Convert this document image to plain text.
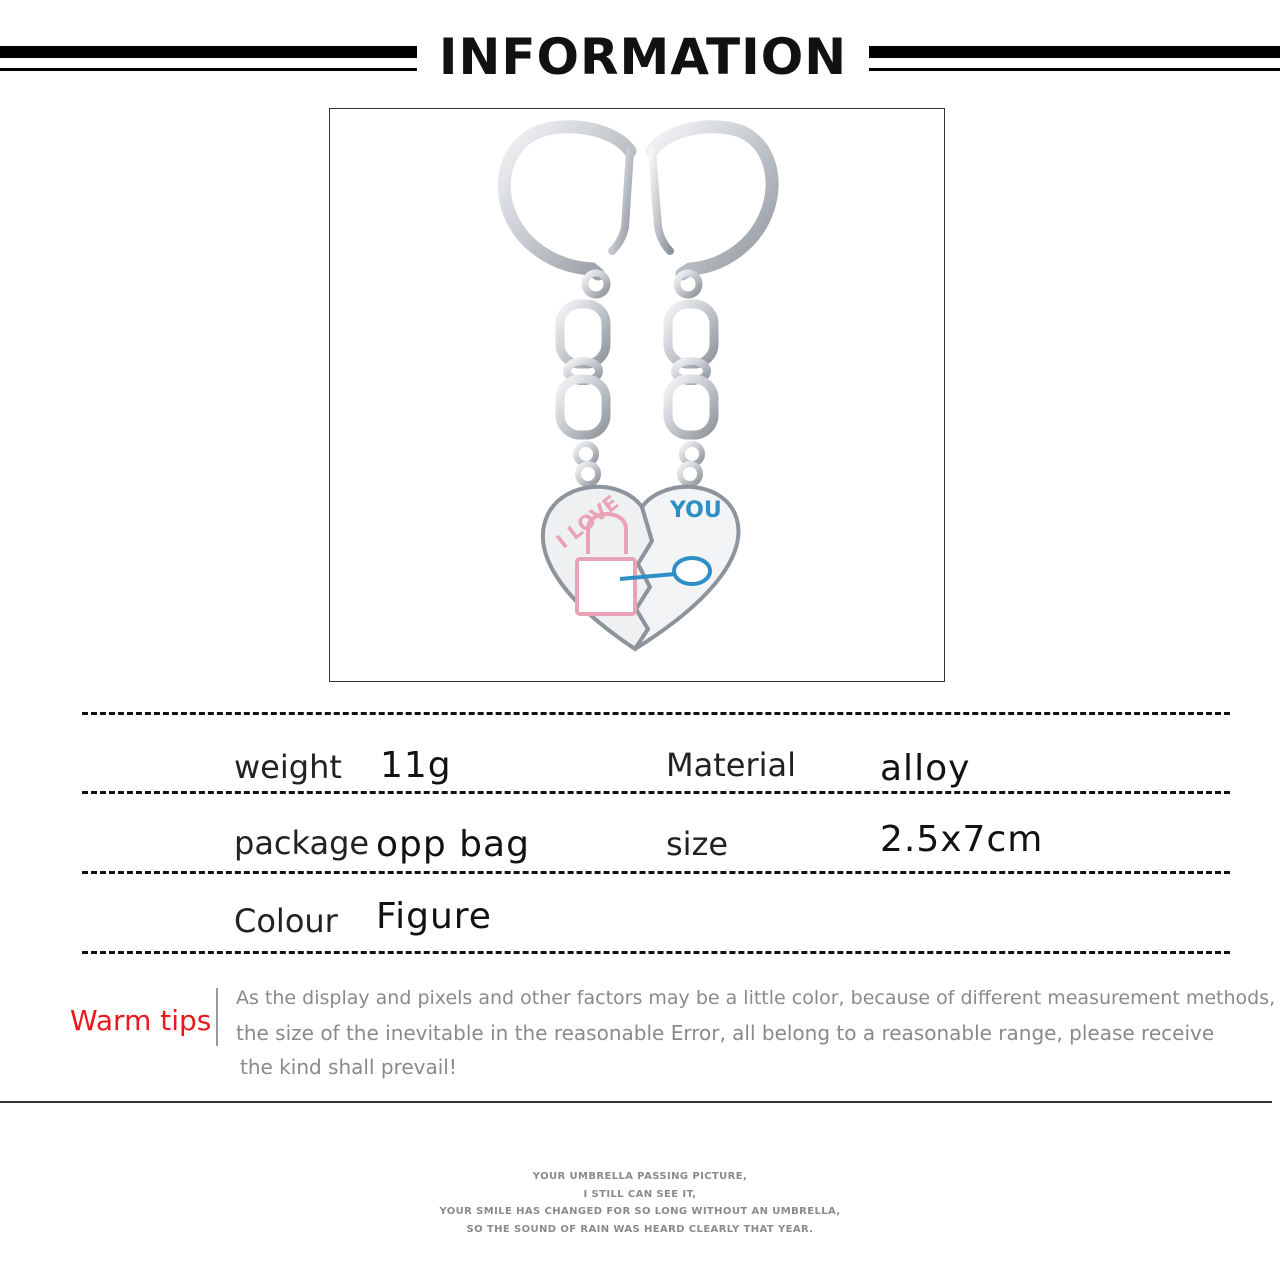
INFORMATION
I LOVE YOU
weight 11g	Material alloy
package opp bag	size	2.5x7cm
Colour Figure
Warm tips
As the display and pixels and other factors may be a little color, because of different measurement methods,
the size of the inevitable in the reasonable Error, all belong to a reasonable range, please receive
the kind shall prevail!
YOUR UMBRELLA PASSING PICTURE,
I STILL CAN SEE IT,
YOUR SMILE HAS CHANGED FOR SO LONG WITHOUT AN UMBRELLA,
SO THE SOUND OF RAIN WAS HEARD CLEARLY THAT YEAR.
